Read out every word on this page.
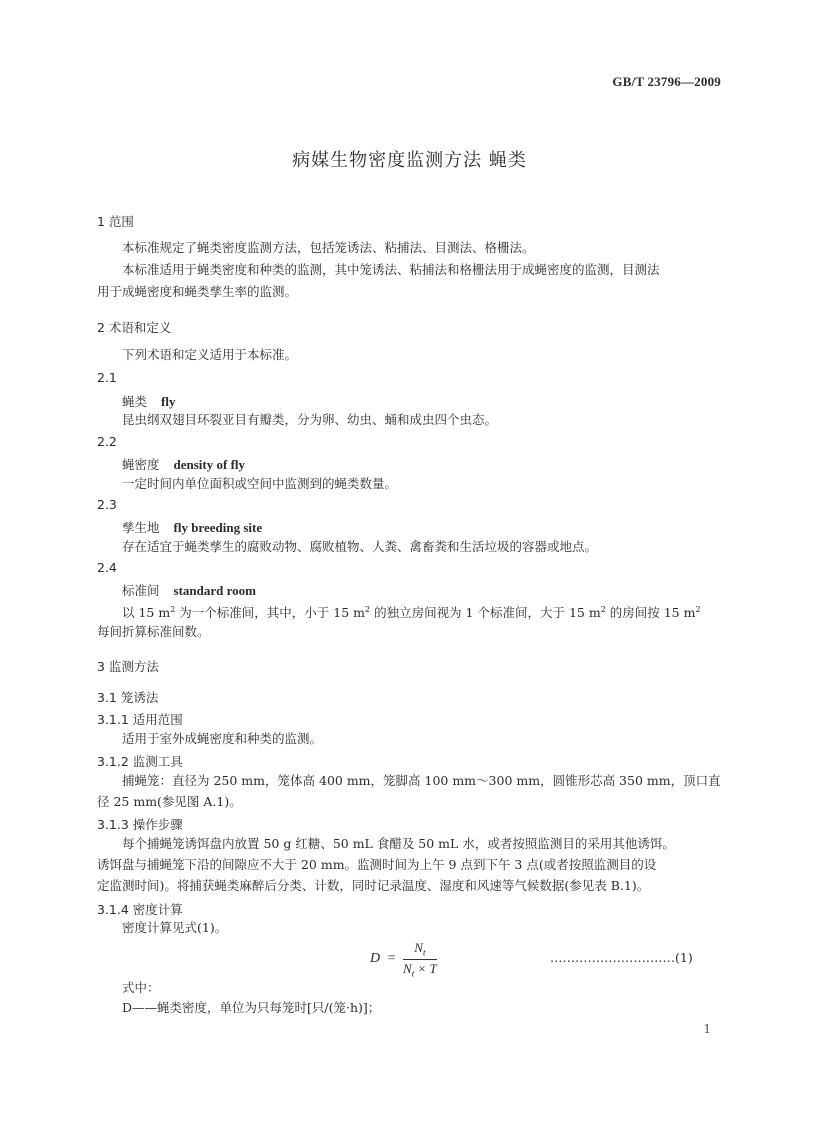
GB/T 23796—2009
病媒生物密度监测方法 蝇类
1 范围
本标准规定了蝇类密度监测方法，包括笼诱法、粘捕法、目测法、格栅法。
本标准适用于蝇类密度和种类的监测，其中笼诱法、粘捕法和格栅法用于成蝇密度的监测，目测法
用于成蝇密度和蝇类孳生率的监测。
2 术语和定义
下列术语和定义适用于本标准。
2.1
蝇类 fly
昆虫纲双翅目环裂亚目有瓣类，分为卵、幼虫、蛹和成虫四个虫态。
2.2
蝇密度 density of fly
一定时间内单位面积或空间中监测到的蝇类数量。
2.3
孳生地 fly breeding site
存在适宜于蝇类孳生的腐败动物、腐败植物、人粪、禽畜粪和生活垃圾的容器或地点。
2.4
标准间 standard room
以 15 $m^2$ 为一个标准间，其中，小于 15 $m^2$ 的独立房间视为 1 个标准间，大于 15 $m^2$ 的房间按 15 $m^2$
每间折算标准间数。
3 监测方法
3.1 笼诱法
3.1.1 适用范围
适用于室外成蝇密度和种类的监测。
3.1.2 监测工具
捕蝇笼：直径为 250 mm，笼体高 400 mm，笼脚高 100 mm～300 mm，圆锥形芯高 350 mm，顶口直
径 25 mm(参见图 A.1)。
3.1.3 操作步骤
每个捕蝇笼诱饵盘内放置 50 g 红糖、50 mL 食醋及 50 mL 水，或者按照监测目的采用其他诱饵。
诱饵盘与捕蝇笼下沿的间隙应不大于 20 mm。监测时间为上午 9 点到下午 3 点(或者按照监测目的设
定监测时间)。将捕获蝇类麻醉后分类、计数，同时记录温度、湿度和风速等气候数据(参见表 B.1)。
3.1.4 密度计算
密度计算见式(1)。
$D = \frac{N_t}{N_t \times T}$	…………………………(1)
式中：
D——蝇类密度，单位为只每笼时[只/(笼·h)]；
1
